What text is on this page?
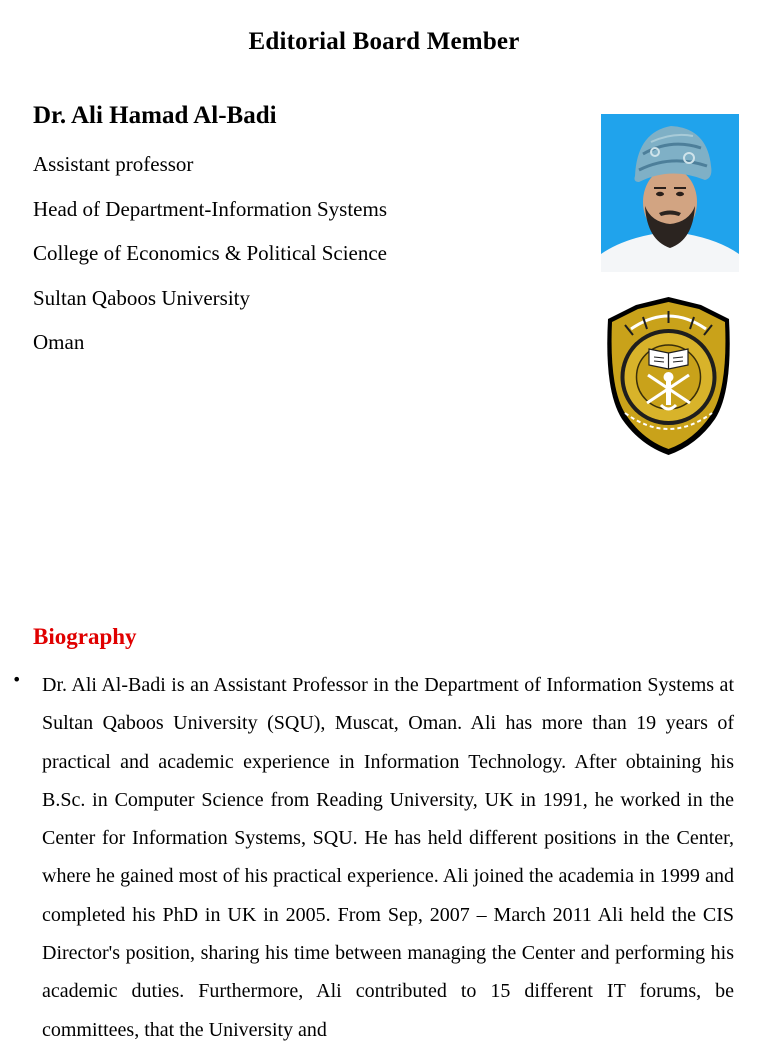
Editorial Board Member
Dr. Ali Hamad Al-Badi
Assistant professor
Head of Department-Information Systems
College of Economics & Political Science
Sultan Qaboos University
Oman
Biography
• Dr. Ali Al-Badi is an Assistant Professor in the Department of Information Systems at Sultan Qaboos University (SQU), Muscat, Oman. Ali has more than 19 years of practical and academic experience in Information Technology. After obtaining his B.Sc. in Computer Science from Reading University, UK in 1991, he worked in the Center for Information Systems, SQU. He has held different positions in the Center, where he gained most of his practical experience. Ali joined the academia in 1999 and completed his PhD in UK in 2005. From Sep, 2007 – March 2011 Ali held the CIS Director's position, sharing his time between managing the Center and performing his academic duties. Furthermore, Ali contributed to 15 different IT forums, be committees, that the University and
